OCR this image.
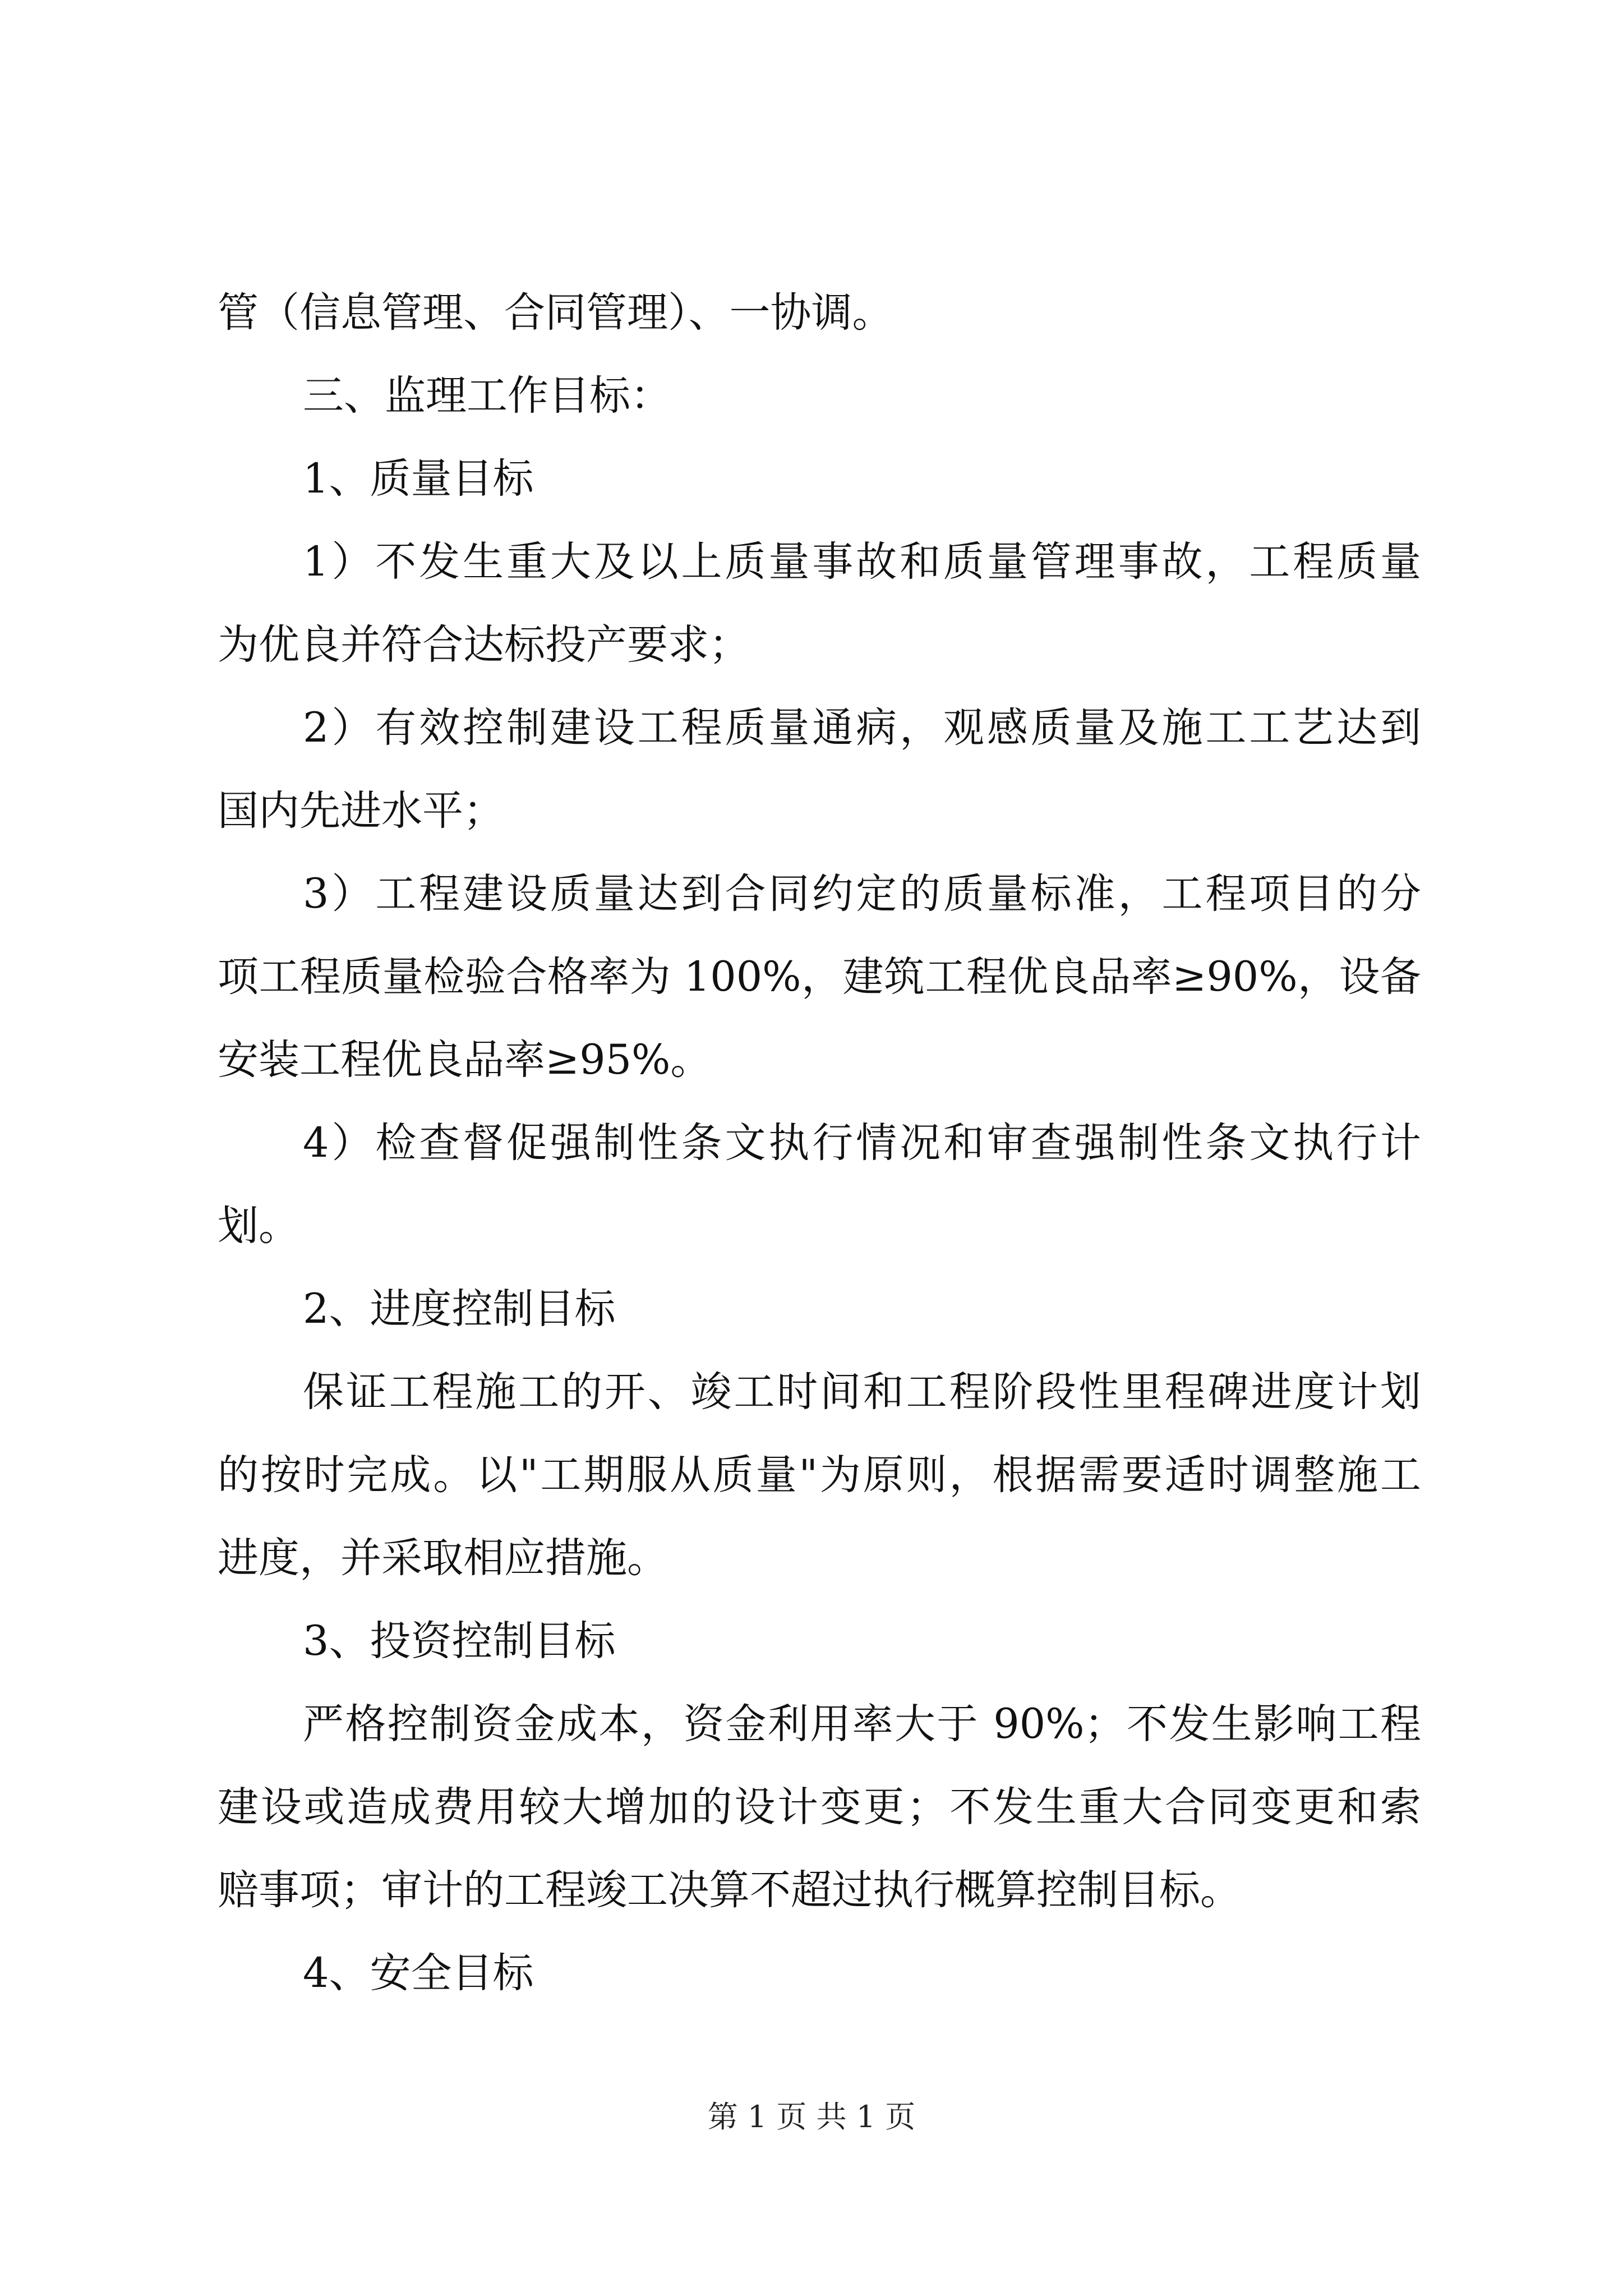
管（信息管理、合同管理）、一协调。

三、监理工作目标：
1、质量目标

1）不发生重大及以上质量事故和质量管理事故，工程质量

为优良并符合达标投产要求；

2）有效控制建设工程质量通病，观感质量及施工工艺达到

国内先进水平；

3）工程建设质量达到合同约定的质量标准，工程项目的分

项工程质量检验合格率为 100%，建筑工程优良品率≥90%，设备

安装工程优良品率≥95%。

4）检查督促强制性条文执行情况和审查强制性条文执行计

划。

2、进度控制目标

保证工程施工的开、竣工时间和工程阶段性里程碑进度计划

的按时完成。以"工期服从质量"为原则，根据需要适时调整施工

进度，并采取相应措施。

3、投资控制目标

严格控制资金成本，资金利用率大于 90%；不发生影响工程

建设或造成费用较大增加的设计变更；不发生重大合同变更和索

赔事项；审计的工程竣工决算不超过执行概算控制目标。

4、安全目标
第 1 页 共 1 页
